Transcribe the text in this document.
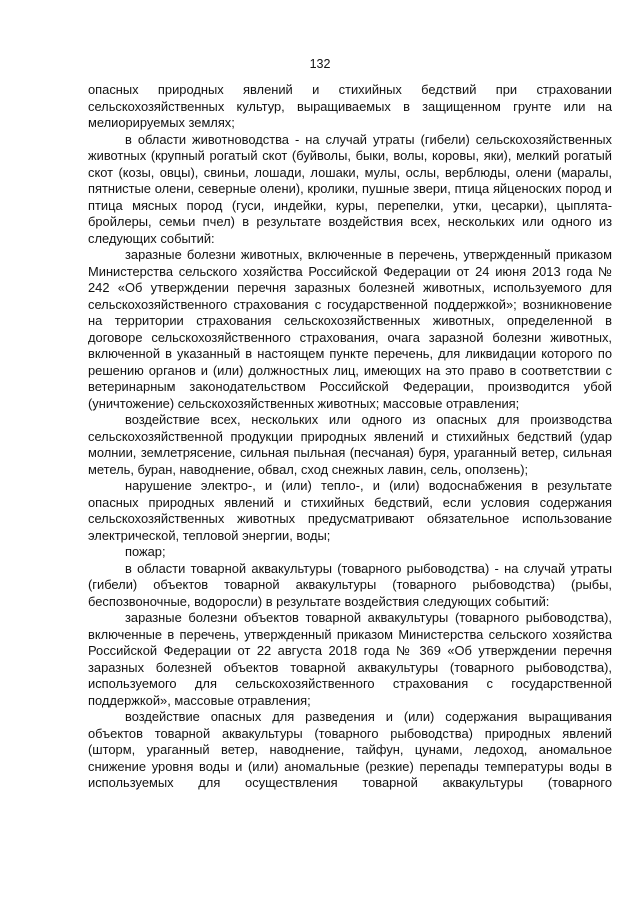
132

опасных природных явлений и стихийных бедствий при страховании сельскохозяйственных культур, выращиваемых в защищенном грунте или на мелиорируемых землях;

в области животноводства - на случай утраты (гибели) сельскохозяйственных животных (крупный рогатый скот (буйволы, быки, волы, коровы, яки), мелкий рогатый скот (козы, овцы), свиньи, лошади, лошаки, мулы, ослы, верблюды, олени (маралы, пятнистые олени, северные олени), кролики, пушные звери, птица яйценоских пород и птица мясных пород (гуси, индейки, куры, перепелки, утки, цесарки), цыплята-бройлеры, семьи пчел) в результате воздействия всех, нескольких или одного из следующих событий:

заразные болезни животных, включенные в перечень, утвержденный приказом Министерства сельского хозяйства Российской Федерации от 24 июня 2013 года № 242 «Об утверждении перечня заразных болезней животных, используемого для сельскохозяйственного страхования с государственной поддержкой»; возникновение на территории страхования сельскохозяйственных животных, определенной в договоре сельскохозяйственного страхования, очага заразной болезни животных, включенной в указанный в настоящем пункте перечень, для ликвидации которого по решению органов и (или) должностных лиц, имеющих на это право в соответствии с ветеринарным законодательством Российской Федерации, производится убой (уничтожение) сельскохозяйственных животных; массовые отравления;

воздействие всех, нескольких или одного из опасных для производства сельскохозяйственной продукции природных явлений и стихийных бедствий (удар молнии, землетрясение, сильная пыльная (песчаная) буря, ураганный ветер, сильная метель, буран, наводнение, обвал, сход снежных лавин, сель, оползень);

нарушение электро-, и (или) тепло-, и (или) водоснабжения в результате опасных природных явлений и стихийных бедствий, если условия содержания сельскохозяйственных животных предусматривают обязательное использование электрической, тепловой энергии, воды;

пожар;

в области товарной аквакультуры (товарного рыбоводства) - на случай утраты (гибели) объектов товарной аквакультуры (товарного рыбоводства) (рыбы, беспозвоночные, водоросли) в результате воздействия следующих событий:

заразные болезни объектов товарной аквакультуры (товарного рыбоводства), включенные в перечень, утвержденный приказом Министерства сельского хозяйства Российской Федерации от 22 августа 2018 года № 369 «Об утверждении перечня заразных болезней объектов товарной аквакультуры (товарного рыбоводства), используемого для сельскохозяйственного страхования с государственной поддержкой», массовые отравления;

воздействие опасных для разведения и (или) содержания выращивания объектов товарной аквакультуры (товарного рыбоводства) природных явлений (шторм, ураганный ветер, наводнение, тайфун, цунами, ледоход, аномальное снижение уровня воды и (или) аномальные (резкие) перепады температуры воды в используемых для осуществления товарной аквакультуры (товарного
